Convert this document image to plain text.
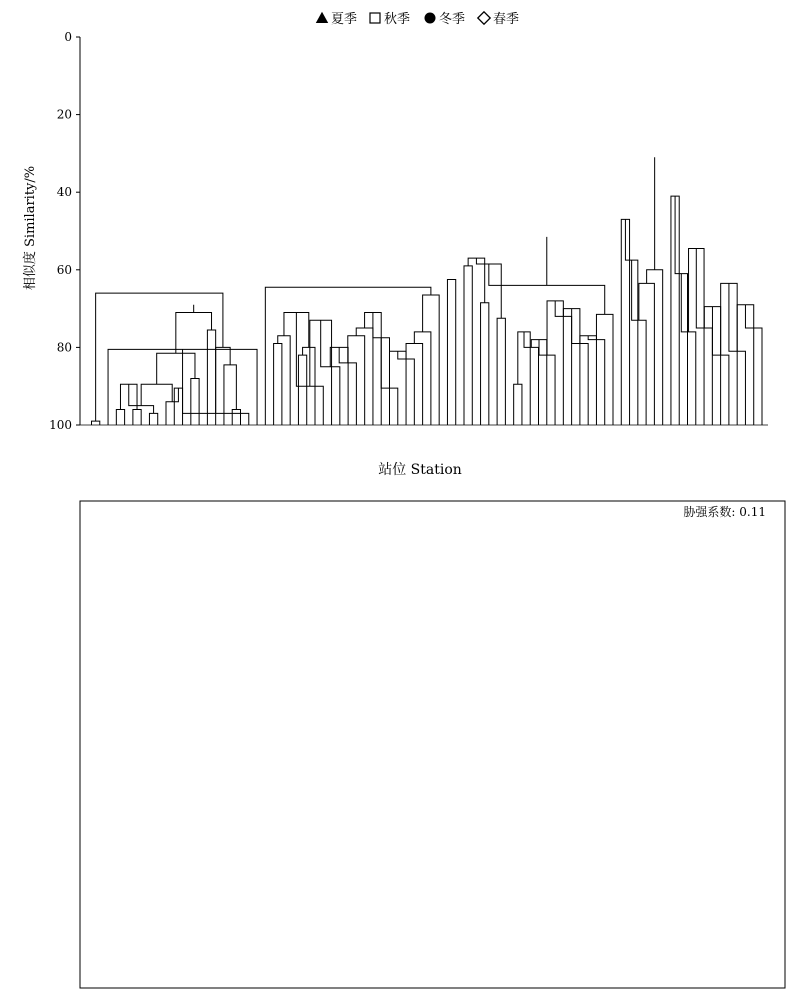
夏季 秋季 冬季 春季
0
20
40
60
80
100
相似度 Similarity/%
站位 Station
胁强系数: 0.11
